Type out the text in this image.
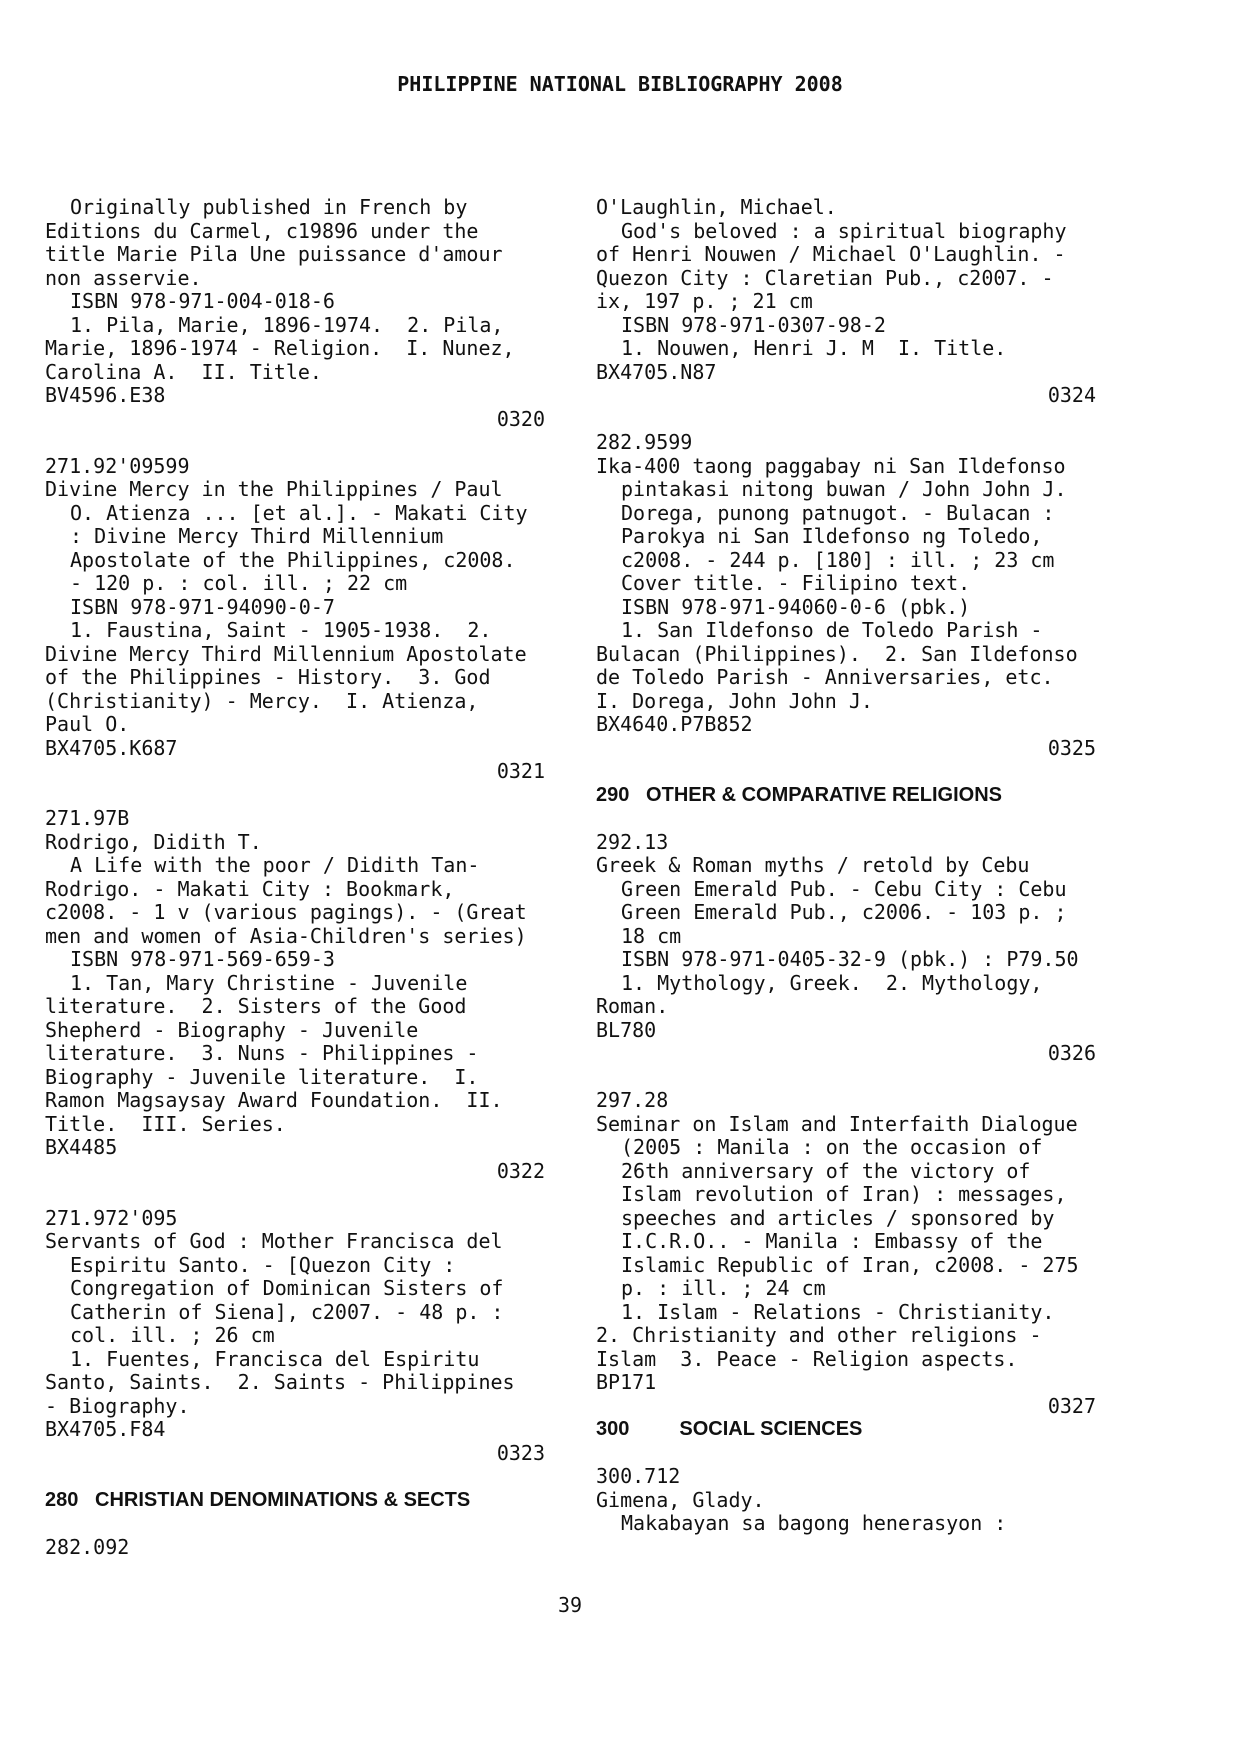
PHILIPPINE NATIONAL BIBLIOGRAPHY 2008
Originally published in French by
Editions du Carmel, c19896 under the
title Marie Pila Une puissance d'amour
non asservie.
ISBN 978-971-004-018-6
1. Pila, Marie, 1896-1974.  2. Pila,
Marie, 1896-1974 - Religion.  I. Nunez,
Carolina A.  II. Title.
BV4596.E38
0320
271.92'09599
Divine Mercy in the Philippines / Paul
O. Atienza ... [et al.]. - Makati City
: Divine Mercy Third Millennium
Apostolate of the Philippines, c2008.
- 120 p. : col. ill. ; 22 cm
ISBN 978-971-94090-0-7
1. Faustina, Saint - 1905-1938.  2.
Divine Mercy Third Millennium Apostolate
of the Philippines - History.  3. God
(Christianity) - Mercy.  I. Atienza,
Paul O.
BX4705.K687
0321
271.97B
Rodrigo, Didith T.
A Life with the poor / Didith Tan-
Rodrigo. - Makati City : Bookmark,
c2008. - 1 v (various pagings). - (Great
men and women of Asia-Children's series)
ISBN 978-971-569-659-3
1. Tan, Mary Christine - Juvenile
literature.  2. Sisters of the Good
Shepherd - Biography - Juvenile
literature.  3. Nuns - Philippines -
Biography - Juvenile literature.  I.
Ramon Magsaysay Award Foundation.  II.
Title.  III. Series.
BX4485
0322
271.972'095
Servants of God : Mother Francisca del
Espiritu Santo. - [Quezon City :
Congregation of Dominican Sisters of
Catherin of Siena], c2007. - 48 p. :
col. ill. ; 26 cm
1. Fuentes, Francisca del Espiritu
Santo, Saints.  2. Saints - Philippines
- Biography.
BX4705.F84
0323
280 CHRISTIAN DENOMINATIONS & SECTS
282.092
O'Laughlin, Michael.
God's beloved : a spiritual biography
of Henri Nouwen / Michael O'Laughlin. -
Quezon City : Claretian Pub., c2007. -
ix, 197 p. ; 21 cm
ISBN 978-971-0307-98-2
1. Nouwen, Henri J. M  I. Title.
BX4705.N87
0324
282.9599
Ika-400 taong paggabay ni San Ildefonso
pintakasi nitong buwan / John John J.
Dorega, punong patnugot. - Bulacan :
Parokya ni San Ildefonso ng Toledo,
c2008. - 244 p. [180] : ill. ; 23 cm
Cover title. - Filipino text.
ISBN 978-971-94060-0-6 (pbk.)
1. San Ildefonso de Toledo Parish -
Bulacan (Philippines).  2. San Ildefonso
de Toledo Parish - Anniversaries, etc.
I. Dorega, John John J.
BX4640.P7B852
0325
290 OTHER & COMPARATIVE RELIGIONS
292.13
Greek & Roman myths / retold by Cebu
Green Emerald Pub. - Cebu City : Cebu
Green Emerald Pub., c2006. - 103 p. ;
18 cm
ISBN 978-971-0405-32-9 (pbk.) : P79.50
1. Mythology, Greek.  2. Mythology,
Roman.
BL780
0326
297.28
Seminar on Islam and Interfaith Dialogue
(2005 : Manila : on the occasion of
26th anniversary of the victory of
Islam revolution of Iran) : messages,
speeches and articles / sponsored by
I.C.R.O.. - Manila : Embassy of the
Islamic Republic of Iran, c2008. - 275
p. : ill. ; 24 cm
1. Islam - Relations - Christianity.
2. Christianity and other religions -
Islam  3. Peace - Religion aspects.
BP171
0327
300	SOCIAL SCIENCES
300.712
Gimena, Glady.
Makabayan sa bagong henerasyon :
39
